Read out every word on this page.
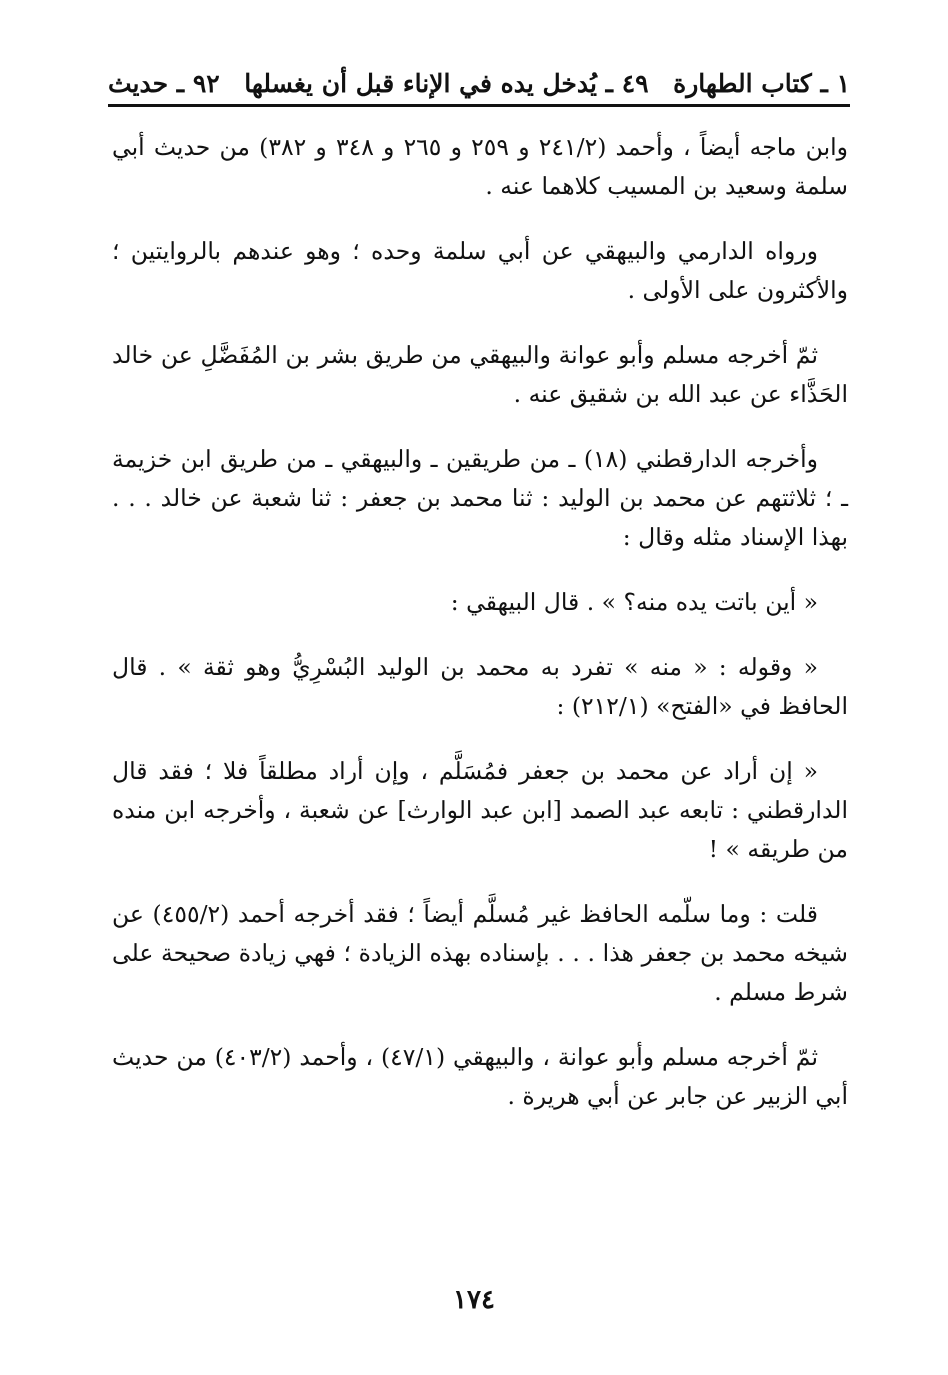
١ ـ كتاب الطهارة
٤٩ ـ يُدخل يده في الإناء قبل أن يغسلها
٩٢ ـ حديث

وابن ماجه أيضاً ، وأحمد (٢٤١/٢ و ٢٥٩ و ٢٦٥ و ٣٤٨ و ٣٨٢) من حديث أبي سلمة وسعيد بن المسيب كلاهما عنه .

ورواه الدارمي والبيهقي عن أبي سلمة وحده ؛ وهو عندهم بالروايتين ؛ والأكثرون على الأولى .

ثمّ أخرجه مسلم وأبو عوانة والبيهقي من طريق بشر بن المُفَضَّلِ عن خالد الحَذَّاء عن عبد الله بن شقيق عنه .

وأخرجه الدارقطني (١٨) ـ من طريقين ـ والبيهقي ـ من طريق ابن خزيمة ـ ؛ ثلاثتهم عن محمد بن الوليد : ثنا محمد بن جعفر : ثنا شعبة عن خالد . . . بهذا الإسناد مثله وقال :

« أين باتت يده منه؟ » . قال البيهقي :

« وقوله : « منه » تفرد به محمد بن الوليد البُسْرِيُّ وهو ثقة » . قال الحافظ في «الفتح» (٢١٢/١) :

« إن أراد عن محمد بن جعفر فمُسَلَّم ، وإن أراد مطلقاً فلا ؛ فقد قال الدارقطني : تابعه عبد الصمد [ابن عبد الوارث] عن شعبة ، وأخرجه ابن منده من طريقه » !

قلت : وما سلّمه الحافظ غير مُسلَّم أيضاً ؛ فقد أخرجه أحمد (٤٥٥/٢) عن شيخه محمد بن جعفر هذا . . . بإسناده بهذه الزيادة ؛ فهي زيادة صحيحة على شرط مسلم .

ثمّ أخرجه مسلم وأبو عوانة ، والبيهقي (٤٧/١) ، وأحمد (٤٠٣/٢) من حديث أبي الزبير عن جابر عن أبي هريرة .

١٧٤
